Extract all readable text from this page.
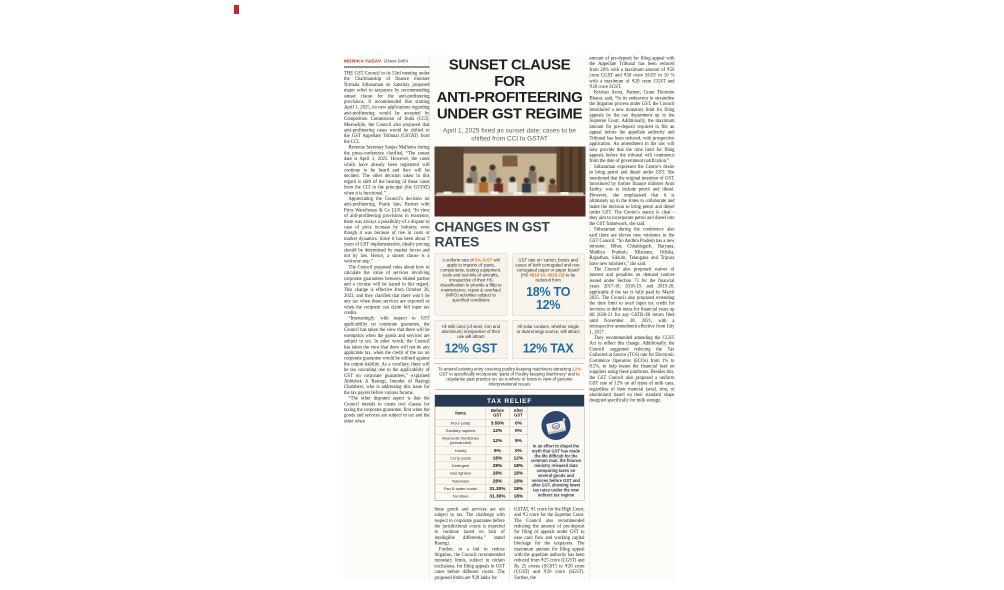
MONIKA YADAV @New Delhi

THE GST Council in its 53rd meeting under the Chairmanship of finance minister Nirmala Sitharaman on Saturday proposed major relief to taxpayers by recommending sunset clause for the anti-profiteering provisions. It recommended that starting April 1, 2025, no new applications regarding anti-profiteering would be accepted by Competition Commission of India (CCI). Meanwhile, the Council also proposed that anti-profiteering cases would be shifted to the GST Appellate Tribunal (GSTAT) from the CCI.

Revenue Secretary Sanjay Malhotra during the press-conference clarified, “The sunset date is April 1, 2025. However, the cases which have already been registered will continue to be heard and they will be decided. The other decision taken in this regard is shift of the hearing of these cases from the CCI to the principal (the GSTAT) when it is functional.”

Appreciating the Council’s decision on anti-profiteering, Pratik Jain, Partner with Price Waterhouse & Co LLP, said, “In view of anti-profiteering provisions in existence, there was always a possibility of a dispute in case of price increase by industry, even though it was because of rise in costs or market dynamics. Since it has been about 7 years of GST implementation, ideally pricing should be determined by market forces and not by law. Hence, a sunset clause is a welcome step.”

The Council proposed rules about how to calculate the value of services involving corporate guarantees between related parties and a circular will be issued in this regard. This change is effective from October 26, 2023, and they clarified that there won’t be any tax when these services are exported or when the recipient can claim full input tax credits.

“Interestingly, with respect to GST applicability on corporate guarantee, the Council has taken the view that there will be exemption when the goods and services are subject to tax. In other words, the Council has taken the view that there will not be any applicable tax, when the credit of the tax on corporate guarantee would be utilised against the output liability. As a corollary, there will be tax cascading due to the applicability of GST on corporate guarantees,” explained Abhishek A Rastogi, founder of Rastogi Chambers, who is addressing this issue for the tax payers before various forums.

“The other disputed aspect is that the Council intends to create two classes for taxing the corporate guarantee, first when the goods and services are subject to tax and the other when

SUNSET CLAUSE FOR
ANTI-PROFITEERING
UNDER GST REGIME
April 1, 2025 fixed as sunset date; cases to be shifted from CCI to GSTAT
CHANGES IN GST RATES
A uniform rate of 5% IGST will apply to imports of ‘parts, components, testing equipment, tools and tool-kits of aircrafts, irrespective of their HS classification to provide a fillip to maintenance, repair & overhaul (MRO) activities subject to specified conditions
GST rate on ‘carton, boxes and cases of both corrugated and non-corrugated paper or paper board’ (HS 4819 10; 4819 20) to be reduced from
18% TO 12%
All milk cans (of steel, iron and aluminium) irrespective of their use will attract
12% GST
All solar cookers, whether single or dual energy source, will attract
12% TAX
To amend existing entry covering poultry keeping machinery attracting 12% GST to specifically incorporate ‘parts of Poultry keeping Machinery’ and to regularise past practice on ‘as is where is’ basis in view of genuine interpretational issues
TAX RELIEF
Items	Before GST	After GST
Flour (atta)	3.50%	0%
Sanitary napkins	12%	0%
Ayurvedic medicines (unbranded)	12%	5%
Honey	6%	0%
Curry paste	18%	12%
Detergent	28%	18%
Gas lighters	28%	18%
Television	28%	18%
Fan & water cooler	31.30%	18%
Furniture	31.30%	18%
GST
In an effort to dispel the myth that GST has made the life difficult for the common man, the finance ministry released data comparing taxes on several goods and services before GST and after GST, showing lower tax rates under the new indirect tax regime

these goods and services are not subject to tax. The challenge with respect to corporate guarantee before the jurisdictional courts is expected to continue based on lack of intelligible differentia,” stated Rastogi.

Further, in a bid to reduce litigation, the Council recommended monetary limits, subject to certain exclusions, for filing appeals in GST cases before different courts. The proposed limits are ₹20 lakhs for

GSTAT, ₹1 crore for the High Court, and ₹2 crore for the Supreme Court. The Council also recommended reducing the amount of pre-deposit for filing of appeals under GST to ease cash flow and working capital blockage for the taxpayers. The maximum amount for filing appeal with the appellate authority has been reduced from ₹25 crore (CGST) and Rs 25 crores (SGST) to ₹20 crore (CGST) and ₹20 crore (SGST). Further, the

amount of pre-deposit for filing appeal with the Appellate Tribunal has been reduced from 20% with a maximum amount of ₹50 crore CGST and ₹50 crore SGST to 10 % with a maximum of ₹20 crore CGST and ₹20 crore SGST.

Krishan Arora, Partner, Grant Thornton Bharat, said, “In its endeavour to streamline the litigation process under GST, the Council introduced a new monetary limit for filing appeals by the tax department up to the Supreme Court. Additionally, the maximum amount for pre-deposit required to file an appeal before the appellate authority and Tribunal has been reduced, with prospective application. An amendment in the law will now provide that the time limit for filing appeals before the tribunal will commence from the date of government notification.”

Sitharaman expressed the Centre’s desire to bring petrol and diesel under GST. She mentioned that the original intention of GST, introduced by former finance minister Arun Jaitley, was to include petrol and diesel. However, she emphasised that it is ultimately up to the states to collaborate and make the decision to bring petrol and diesel under GST. The Centre’s stance is clear - they aim to incorporate petrol and diesel into the GST framework, she said.

Sitharaman during the conference also said there are eleven new ministers in the GST Council. “So Andhra Pradesh has a new minister, Bihar, Chhattisgarh, Haryana, Madhya Pradesh, Mizoram, Odisha, Rajasthan, Sikkim, Telangana and Tripura have new ministers,” she said.

The Council also proposed waiver of interest and penalties on demand notices issued under Section 73 for the financial years 2017-18, 2018-19, and 2019-20, applicable if the tax is fully paid by March 2025. The Council also proposed extending the time limit to avail input tax credit for invoices or debit notes for financial years up till 2020-21 for any GSTR-3B return filed until November 30, 2021, with a retrospective amendment effective from July 1, 2017.

They recommended amending the CGST Act to reflect this change. Additionally, the Council suggested reducing the Tax Collected at Source (TCS) rate for Electronic Commerce Operators (ECOs) from 1% to 0.5%, to help lessen the financial load on suppliers using these platforms. Besides this, the GST Council also proposed a uniform GST rate of 12% on all types of milk cans, regardless of their material (steel, iron, or aluminium) based on their standard shape designed specifically for milk storage.
